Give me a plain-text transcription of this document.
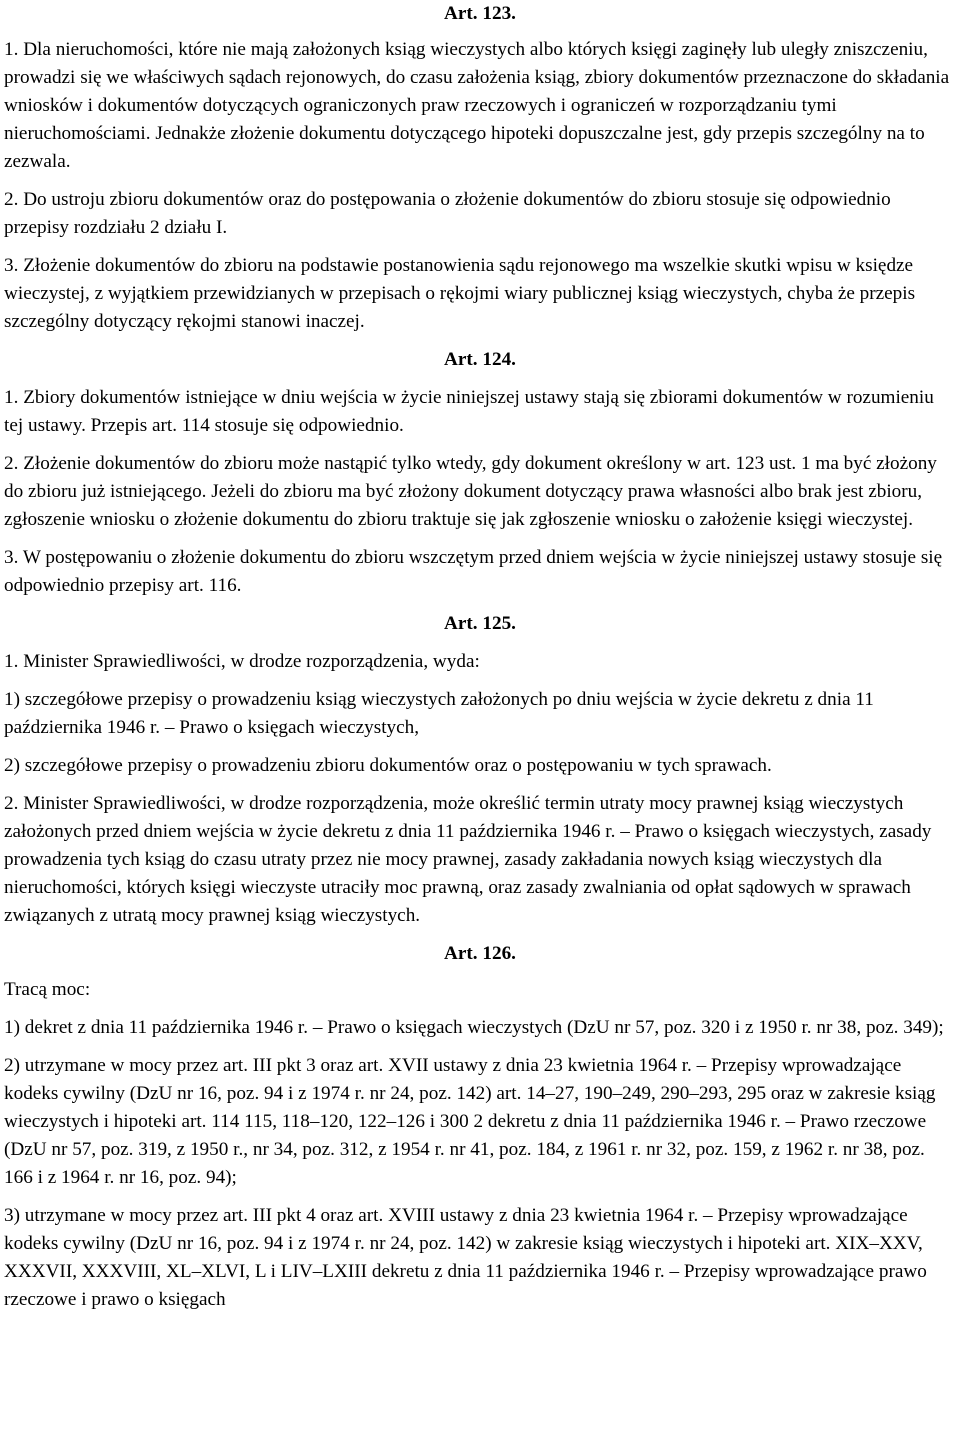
Art. 123.

1. Dla nieruchomości, które nie mają założonych ksiąg wieczystych albo których księgi zaginęły lub uległy zniszczeniu, prowadzi się we właściwych sądach rejonowych, do czasu założenia ksiąg, zbiory dokumentów przeznaczone do składania wniosków i dokumentów dotyczących ograniczonych praw rzeczowych i ograniczeń w rozporządzaniu tymi nieruchomościami. Jednakże złożenie dokumentu dotyczącego hipoteki dopuszczalne jest, gdy przepis szczególny na to zezwala.

2. Do ustroju zbioru dokumentów oraz do postępowania o złożenie dokumentów do zbioru stosuje się odpowiednio przepisy rozdziału 2 działu I.

3. Złożenie dokumentów do zbioru na podstawie postanowienia sądu rejonowego ma wszelkie skutki wpisu w księdze wieczystej, z wyjątkiem przewidzianych w przepisach o rękojmi wiary publicznej ksiąg wieczystych, chyba że przepis szczególny dotyczący rękojmi stanowi inaczej.

Art. 124.

1. Zbiory dokumentów istniejące w dniu wejścia w życie niniejszej ustawy stają się zbiorami dokumentów w rozumieniu tej ustawy. Przepis art. 114 stosuje się odpowiednio.

2. Złożenie dokumentów do zbioru może nastąpić tylko wtedy, gdy dokument określony w art. 123 ust. 1 ma być złożony do zbioru już istniejącego. Jeżeli do zbioru ma być złożony dokument dotyczący prawa własności albo brak jest zbioru, zgłoszenie wniosku o złożenie dokumentu do zbioru traktuje się jak zgłoszenie wniosku o założenie księgi wieczystej.

3. W postępowaniu o złożenie dokumentu do zbioru wszczętym przed dniem wejścia w życie niniejszej ustawy stosuje się odpowiednio przepisy art. 116.

Art. 125.

1. Minister Sprawiedliwości, w drodze rozporządzenia, wyda:

1) szczegółowe przepisy o prowadzeniu ksiąg wieczystych założonych po dniu wejścia w życie dekretu z dnia 11 października 1946 r. – Prawo o księgach wieczystych,

2) szczegółowe przepisy o prowadzeniu zbioru dokumentów oraz o postępowaniu w tych sprawach.

2. Minister Sprawiedliwości, w drodze rozporządzenia, może określić termin utraty mocy prawnej ksiąg wieczystych założonych przed dniem wejścia w życie dekretu z dnia 11 października 1946 r. – Prawo o księgach wieczystych, zasady prowadzenia tych ksiąg do czasu utraty przez nie mocy prawnej, zasady zakładania nowych ksiąg wieczystych dla nieruchomości, których księgi wieczyste utraciły moc prawną, oraz zasady zwalniania od opłat sądowych w sprawach związanych z utratą mocy prawnej ksiąg wieczystych.

Art. 126.

Tracą moc:

1) dekret z dnia 11 października 1946 r. – Prawo o księgach wieczystych (DzU nr 57, poz. 320 i z 1950 r. nr 38, poz. 349);

2) utrzymane w mocy przez art. III pkt 3 oraz art. XVII ustawy z dnia 23 kwietnia 1964 r. – Przepisy wprowadzające kodeks cywilny (DzU nr 16, poz. 94 i z 1974 r. nr 24, poz. 142) art. 14–27, 190–249, 290–293, 295 oraz w zakresie ksiąg wieczystych i hipoteki art. 114 115, 118–120, 122–126 i 300 2 dekretu z dnia 11 października 1946 r. – Prawo rzeczowe (DzU nr 57, poz. 319, z 1950 r., nr 34, poz. 312, z 1954 r. nr 41, poz. 184, z 1961 r. nr 32, poz. 159, z 1962 r. nr 38, poz. 166 i z 1964 r. nr 16, poz. 94);

3) utrzymane w mocy przez art. III pkt 4 oraz art. XVIII ustawy z dnia 23 kwietnia 1964 r. – Przepisy wprowadzające kodeks cywilny (DzU nr 16, poz. 94 i z 1974 r. nr 24, poz. 142) w zakresie ksiąg wieczystych i hipoteki art. XIX–XXV, XXXVII, XXXVIII, XL–XLVI, L i LIV–LXIII dekretu z dnia 11 października 1946 r. – Przepisy wprowadzające prawo rzeczowe i prawo o księgach
